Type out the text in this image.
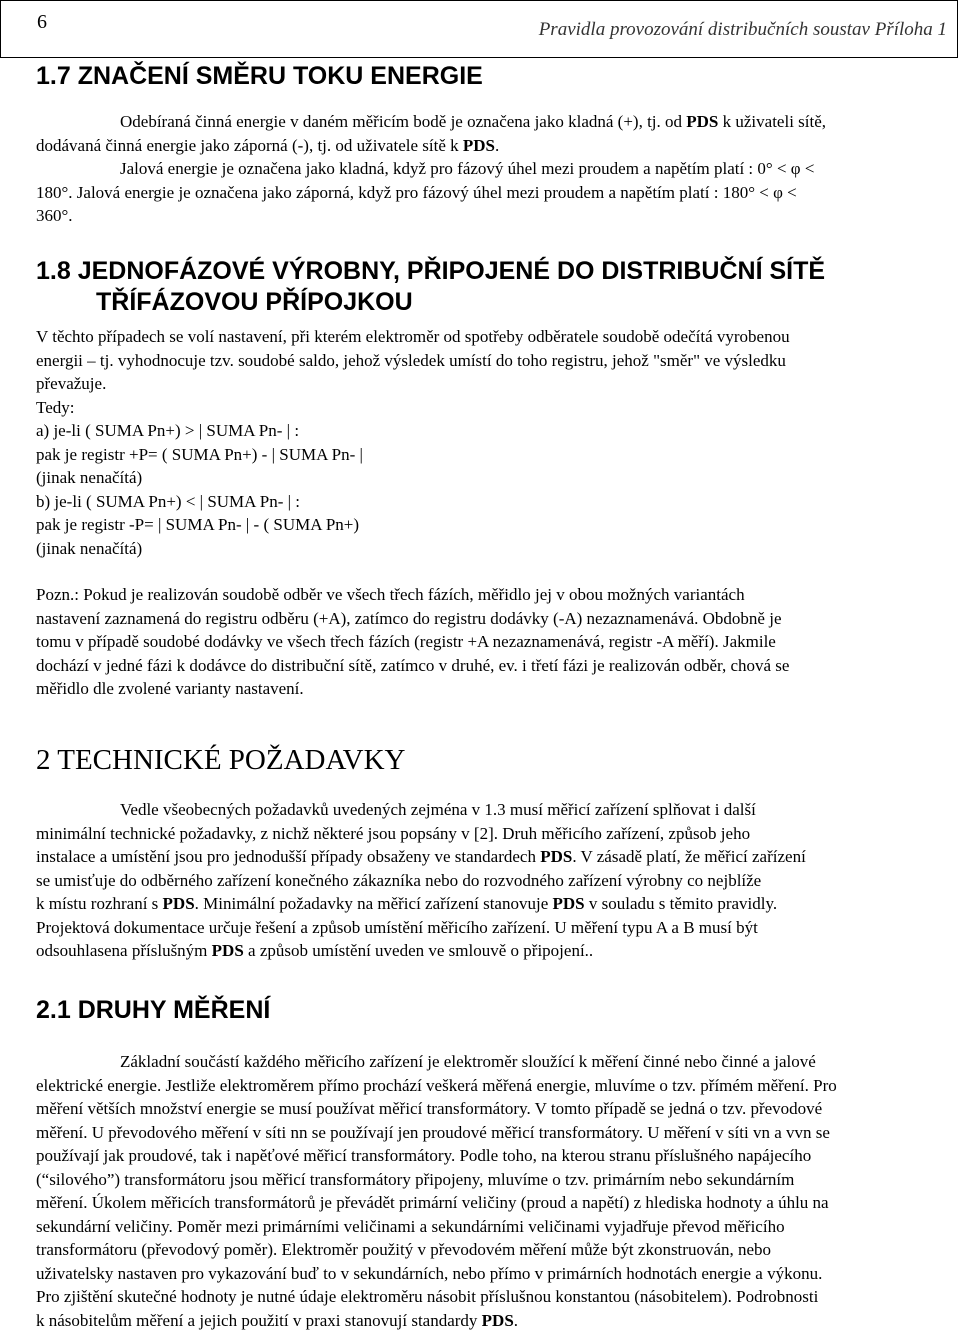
6	Pravidla provozování distribučních soustav Příloha 1
1.7 ZNAČENÍ SMĚRU TOKU ENERGIE

Odebíraná činná energie v daném měřicím bodě je označena jako kladná (+), tj. od PDS k uživateli sítě,
dodávaná činná energie jako záporná (-), tj. od uživatele sítě k PDS.

Jalová energie je označena jako kladná, když pro fázový úhel mezi proudem a napětím platí : 0° < φ <
180°. Jalová energie je označena jako záporná, když pro fázový úhel mezi proudem a napětím platí : 180° < φ <
360°.

1.8 JEDNOFÁZOVÉ VÝROBNY, PŘIPOJENÉ DO DISTRIBUČNÍ SÍTĚ
TŘÍFÁZOVOU PŘÍPOJKOU

V těchto případech se volí nastavení, při kterém elektroměr od spotřeby odběratele soudobě odečítá vyrobenou
energii – tj. vyhodnocuje tzv. soudobé saldo, jehož výsledek umístí do toho registru, jehož "směr" ve výsledku
převažuje.
Tedy:
a) je-li ( SUMA Pn+) > | SUMA Pn- | :
pak je registr +P= ( SUMA Pn+) - | SUMA Pn- |
(jinak nenačítá)
b) je-li ( SUMA Pn+) < | SUMA Pn- | :
pak je registr -P= | SUMA Pn- | - ( SUMA Pn+)
(jinak nenačítá)

Pozn.: Pokud je realizován soudobě odběr ve všech třech fázích, měřidlo jej v obou možných variantách
nastavení zaznamená do registru odběru (+A), zatímco do registru dodávky (-A) nezaznamenává. Obdobně je
tomu v případě soudobé dodávky ve všech třech fázích (registr +A nezaznamenává, registr -A měří). Jakmile
dochází v jedné fázi k dodávce do distribuční sítě, zatímco v druhé, ev. i třetí fázi je realizován odběr, chová se
měřidlo dle zvolené varianty nastavení.

2 TECHNICKÉ POŽADAVKY

Vedle všeobecných požadavků uvedených zejména v 1.3 musí měřicí zařízení splňovat i další
minimální technické požadavky, z nichž některé jsou popsány v [2]. Druh měřicího zařízení, způsob jeho
instalace a umístění jsou pro jednodušší případy obsaženy ve standardech PDS. V zásadě platí, že měřicí zařízení
se umisťuje do odběrného zařízení konečného zákazníka nebo do rozvodného zařízení výrobny co nejblíže
k místu rozhraní s PDS. Minimální požadavky na měřicí zařízení stanovuje PDS v souladu s těmito pravidly.
Projektová dokumentace určuje řešení a způsob umístění měřicího zařízení. U měření typu A a B musí být
odsouhlasena příslušným PDS a způsob umístění uveden ve smlouvě o připojení..

2.1 DRUHY MĚŘENÍ

Základní součástí každého měřicího zařízení je elektroměr sloužící k měření činné nebo činné a jalové
elektrické energie. Jestliže elektroměrem přímo prochází veškerá měřená energie, mluvíme o tzv. přímém měření. Pro
měření větších množství energie se musí používat měřicí transformátory. V tomto případě se jedná o tzv. převodové
měření. U převodového měření v síti nn se používají jen proudové měřicí transformátory. U měření v síti vn a vvn se
používají jak proudové, tak i napěťové měřicí transformátory. Podle toho, na kterou stranu příslušného napájecího
(“silového”) transformátoru jsou měřicí transformátory připojeny, mluvíme o tzv. primárním nebo sekundárním
měření. Úkolem měřicích transformátorů je převádět primární veličiny (proud a napětí) z hlediska hodnoty a úhlu na
sekundární veličiny. Poměr mezi primárními veličinami a sekundárními veličinami vyjadřuje převod měřicího
transformátoru (převodový poměr). Elektroměr použitý v převodovém měření může být zkonstruován, nebo
uživatelsky nastaven pro vykazování buď to v sekundárních, nebo přímo v primárních hodnotách energie a výkonu.
Pro zjištění skutečné hodnoty je nutné údaje elektroměru násobit příslušnou konstantou (násobitelem). Podrobnosti
k násobitelům měření a jejich použití v praxi stanovují standardy PDS.
